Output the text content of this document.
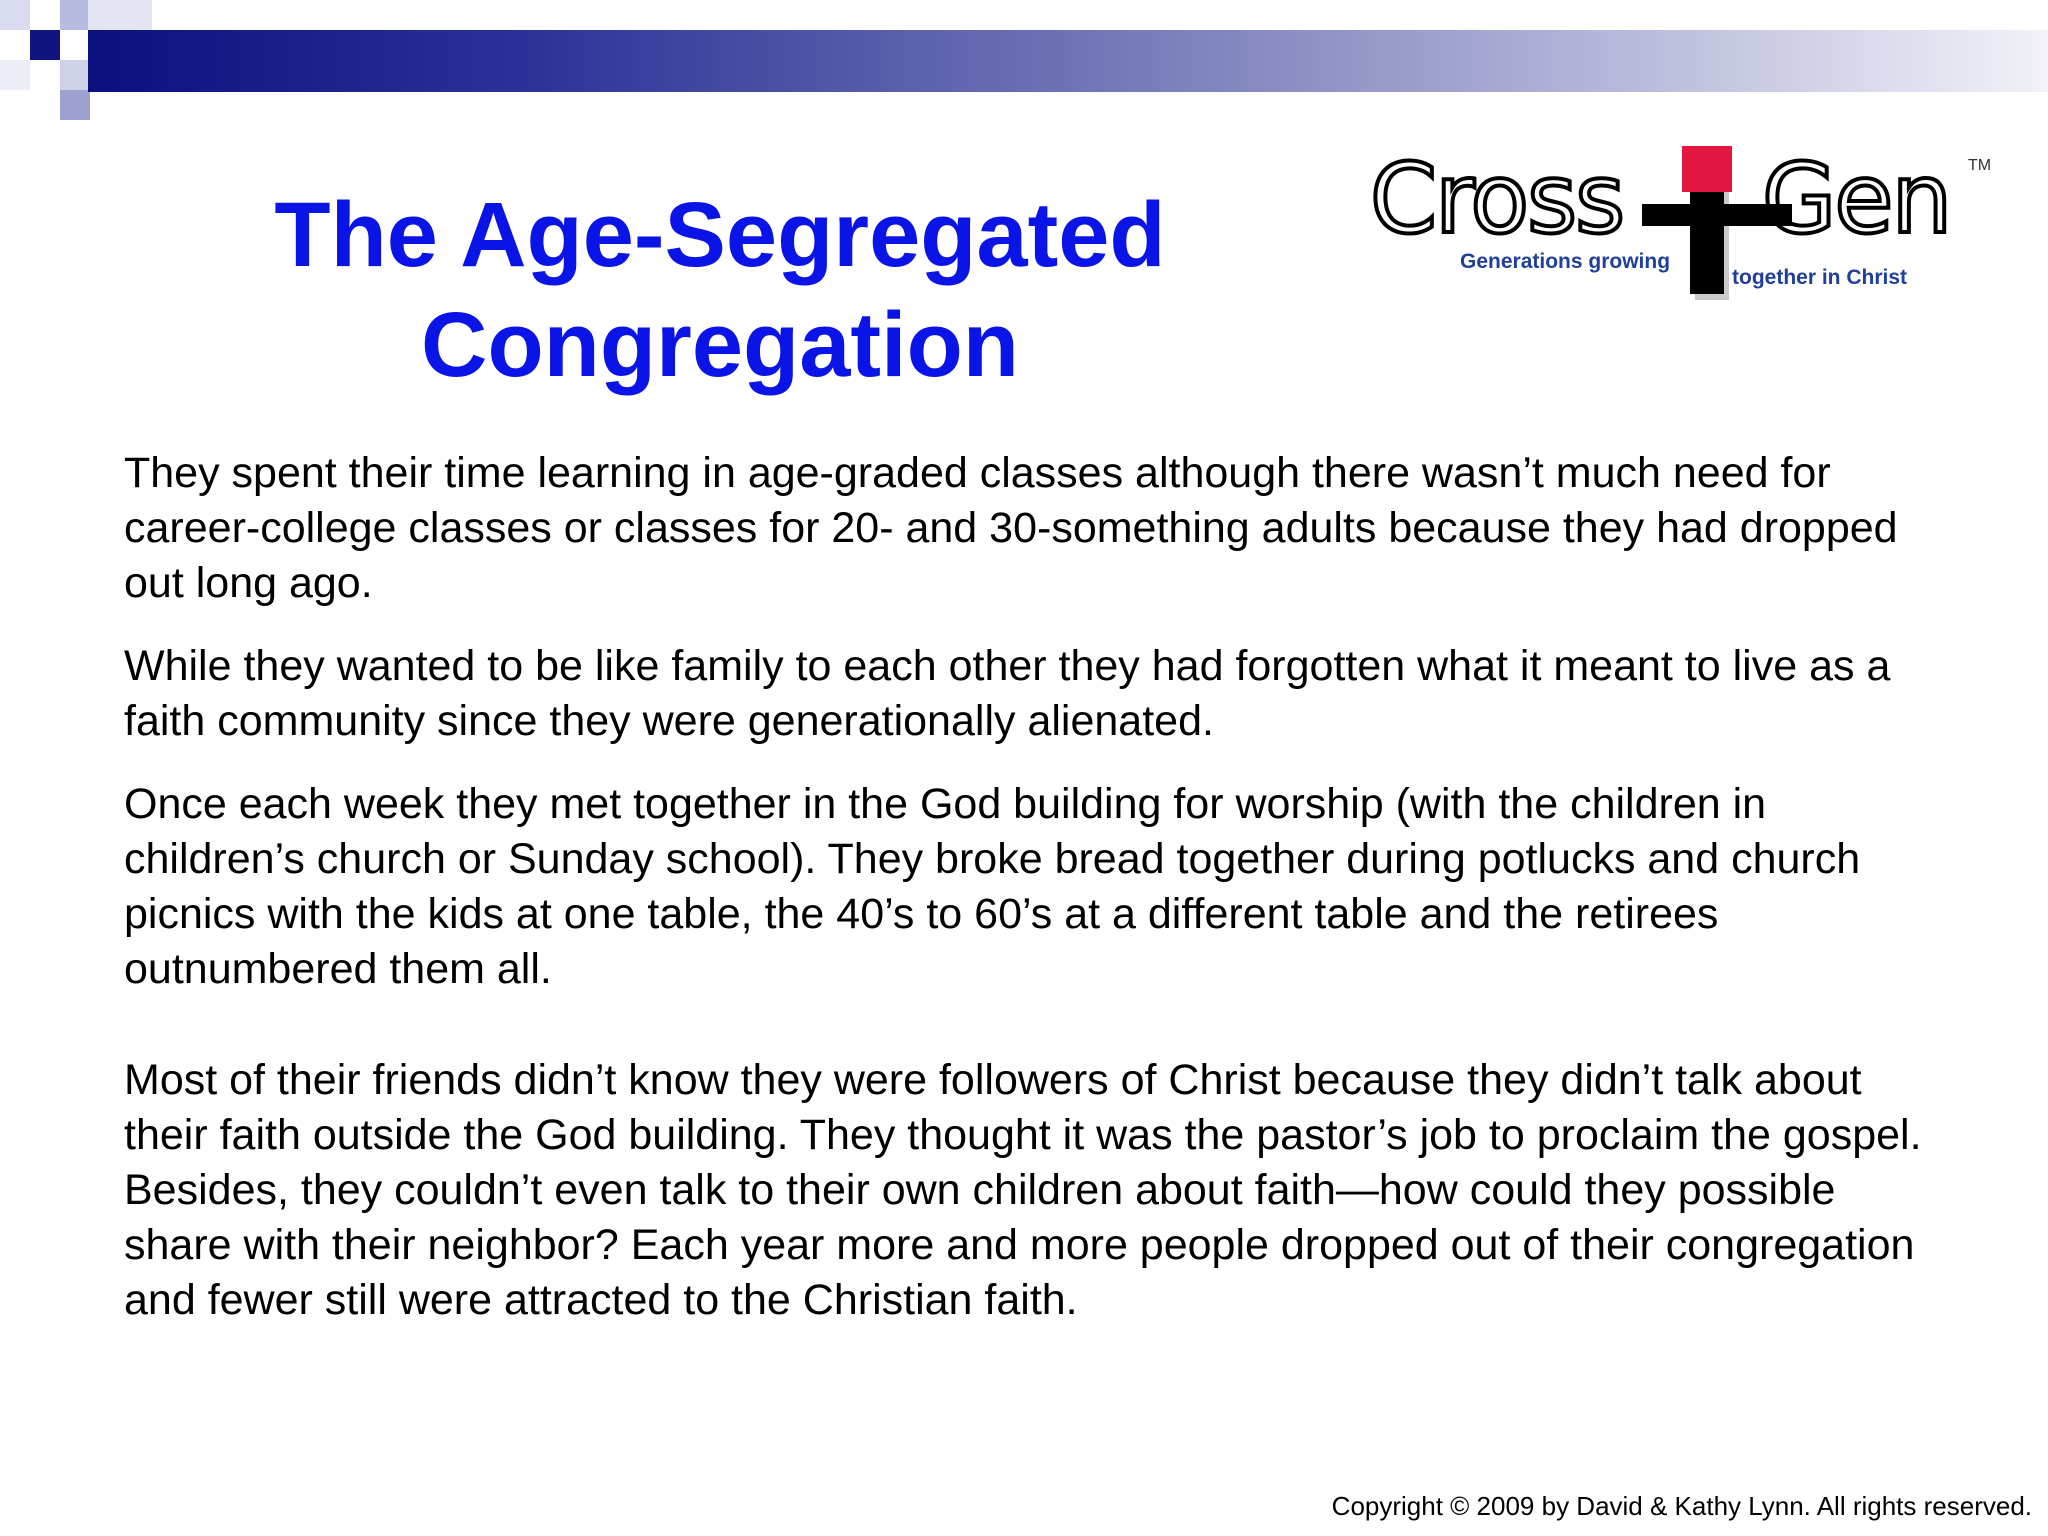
The Age-Segregated
Congregation
Cross Gen TM
Generations growing
together in Christ

They spent their time learning in age-graded classes although there wasn’t much need for career-college classes or classes for 20- and 30-something adults because they had dropped out long ago.

While they wanted to be like family to each other they had forgotten what it meant to live as a faith community since they were generationally alienated.

Once each week they met together in the God building for worship (with the children in children’s church or Sunday school). They broke bread together during potlucks and church picnics with the kids at one table, the 40’s to 60’s at a different table and the retirees outnumbered them all.

Most of their friends didn’t know they were followers of Christ because they didn’t talk about their faith outside the God building. They thought it was the pastor’s job to proclaim the gospel. Besides, they couldn’t even talk to their own children about faith—how could they possible share with their neighbor? Each year more and more people dropped out of their congregation and fewer still were attracted to the Christian faith.

Copyright © 2009 by David & Kathy Lynn. All rights reserved.
